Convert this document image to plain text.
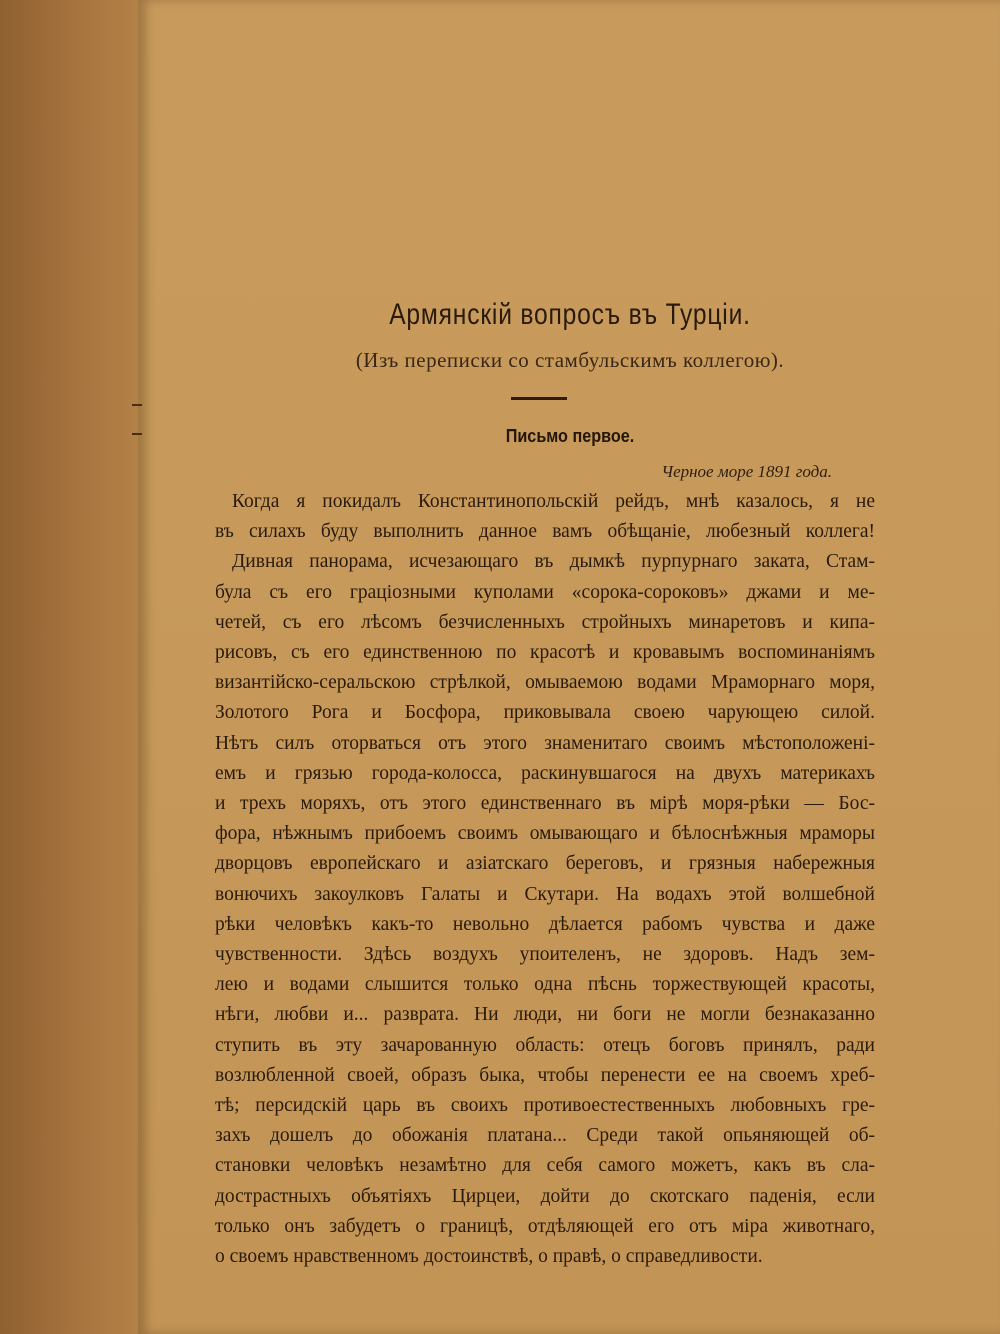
Армянскій вопросъ въ Турціи.
(Изъ переписки со стамбульскимъ коллегою).
Письмо первое.
Черное море 1891 года.
Когда я покидалъ Константинопольскій рейдъ, мнѣ казалось, я не
въ силахъ буду выполнить данное вамъ обѣщаніе, любезный коллега!
Дивная панорама, исчезающаго въ дымкѣ пурпурнаго заката, Стам-
була съ его граціозными куполами «сорока-сороковъ» джами и ме-
четей, съ его лѣсомъ безчисленныхъ стройныхъ минаретовъ и кипа-
рисовъ, съ его единственною по красотѣ и кровавымъ воспоминаніямъ
византійско-серальскою стрѣлкой, омываемою водами Мраморнаго моря,
Золотого Рога и Босфора, приковывала своею чарующею силой.
Нѣтъ силъ оторваться отъ этого знаменитаго своимъ мѣстоположені-
емъ и грязью города-колосса, раскинувшагося на двухъ материкахъ
и трехъ моряхъ, отъ этого единственнаго въ мірѣ моря-рѣки — Бос-
фора, нѣжнымъ прибоемъ своимъ омывающаго и бѣлоснѣжныя мраморы
дворцовъ европейскаго и азіатскаго береговъ, и грязныя набережныя
вонючихъ закоулковъ Галаты и Скутари. На водахъ этой волшебной
рѣки человѣкъ какъ-то невольно дѣлается рабомъ чувства и даже
чувственности. Здѣсь воздухъ упоителенъ, не здоровъ. Надъ зем-
лею и водами слышится только одна пѣснь торжествующей красоты,
нѣги, любви и... разврата. Ни люди, ни боги не могли безнаказанно
ступить въ эту зачарованную область: отецъ боговъ принялъ, ради
возлюбленной своей, образъ быка, чтобы перенести ее на своемъ хреб-
тѣ; персидскій царь въ своихъ противоестественныхъ любовныхъ гре-
захъ дошелъ до обожанія платана... Среди такой опьяняющей об-
становки человѣкъ незамѣтно для себя самого можетъ, какъ въ сла-
дострастныхъ объятіяхъ Цирцеи, дойти до скотскаго паденія, если
только онъ забудетъ о границѣ, отдѣляющей его отъ міра животнаго,
о своемъ нравственномъ достоинствѣ, о правѣ, о справедливости.
